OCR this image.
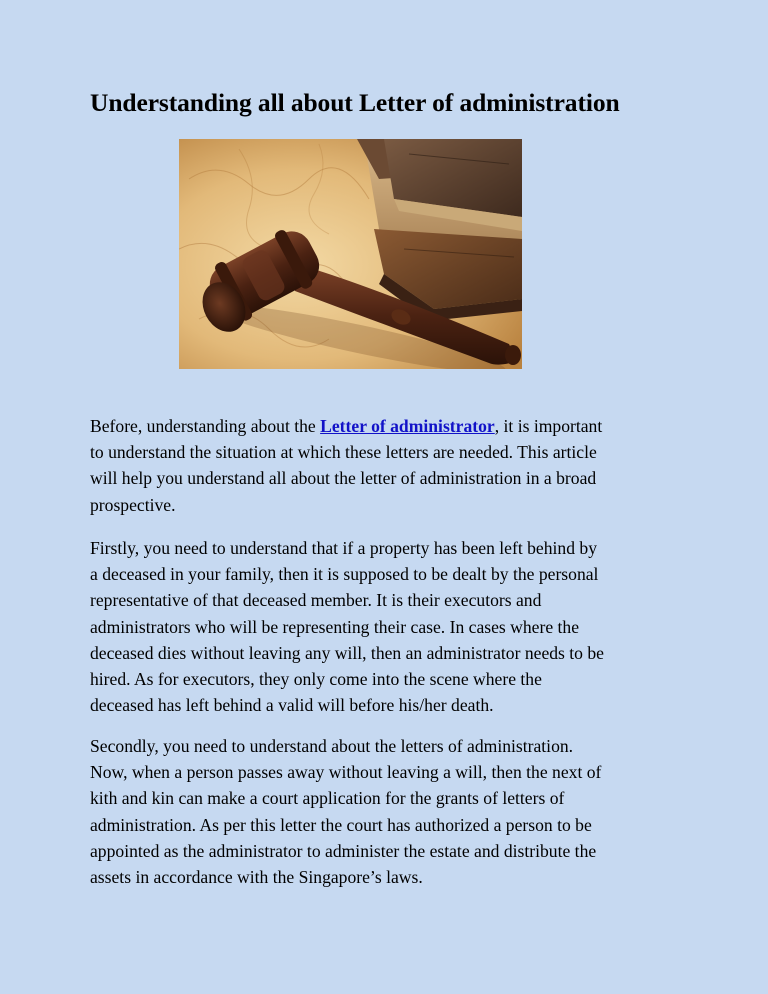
Understanding all about Letter of administration

Before, understanding about the Letter of administrator, it is important
to understand the situation at which these letters are needed. This article
will help you understand all about the letter of administration in a broad
prospective.

Firstly, you need to understand that if a property has been left behind by
a deceased in your family, then it is supposed to be dealt by the personal
representative of that deceased member. It is their executors and
administrators who will be representing their case. In cases where the
deceased dies without leaving any will, then an administrator needs to be
hired. As for executors, they only come into the scene where the
deceased has left behind a valid will before his/her death.

Secondly, you need to understand about the letters of administration.
Now, when a person passes away without leaving a will, then the next of
kith and kin can make a court application for the grants of letters of
administration. As per this letter the court has authorized a person to be
appointed as the administrator to administer the estate and distribute the
assets in accordance with the Singapore’s laws.
